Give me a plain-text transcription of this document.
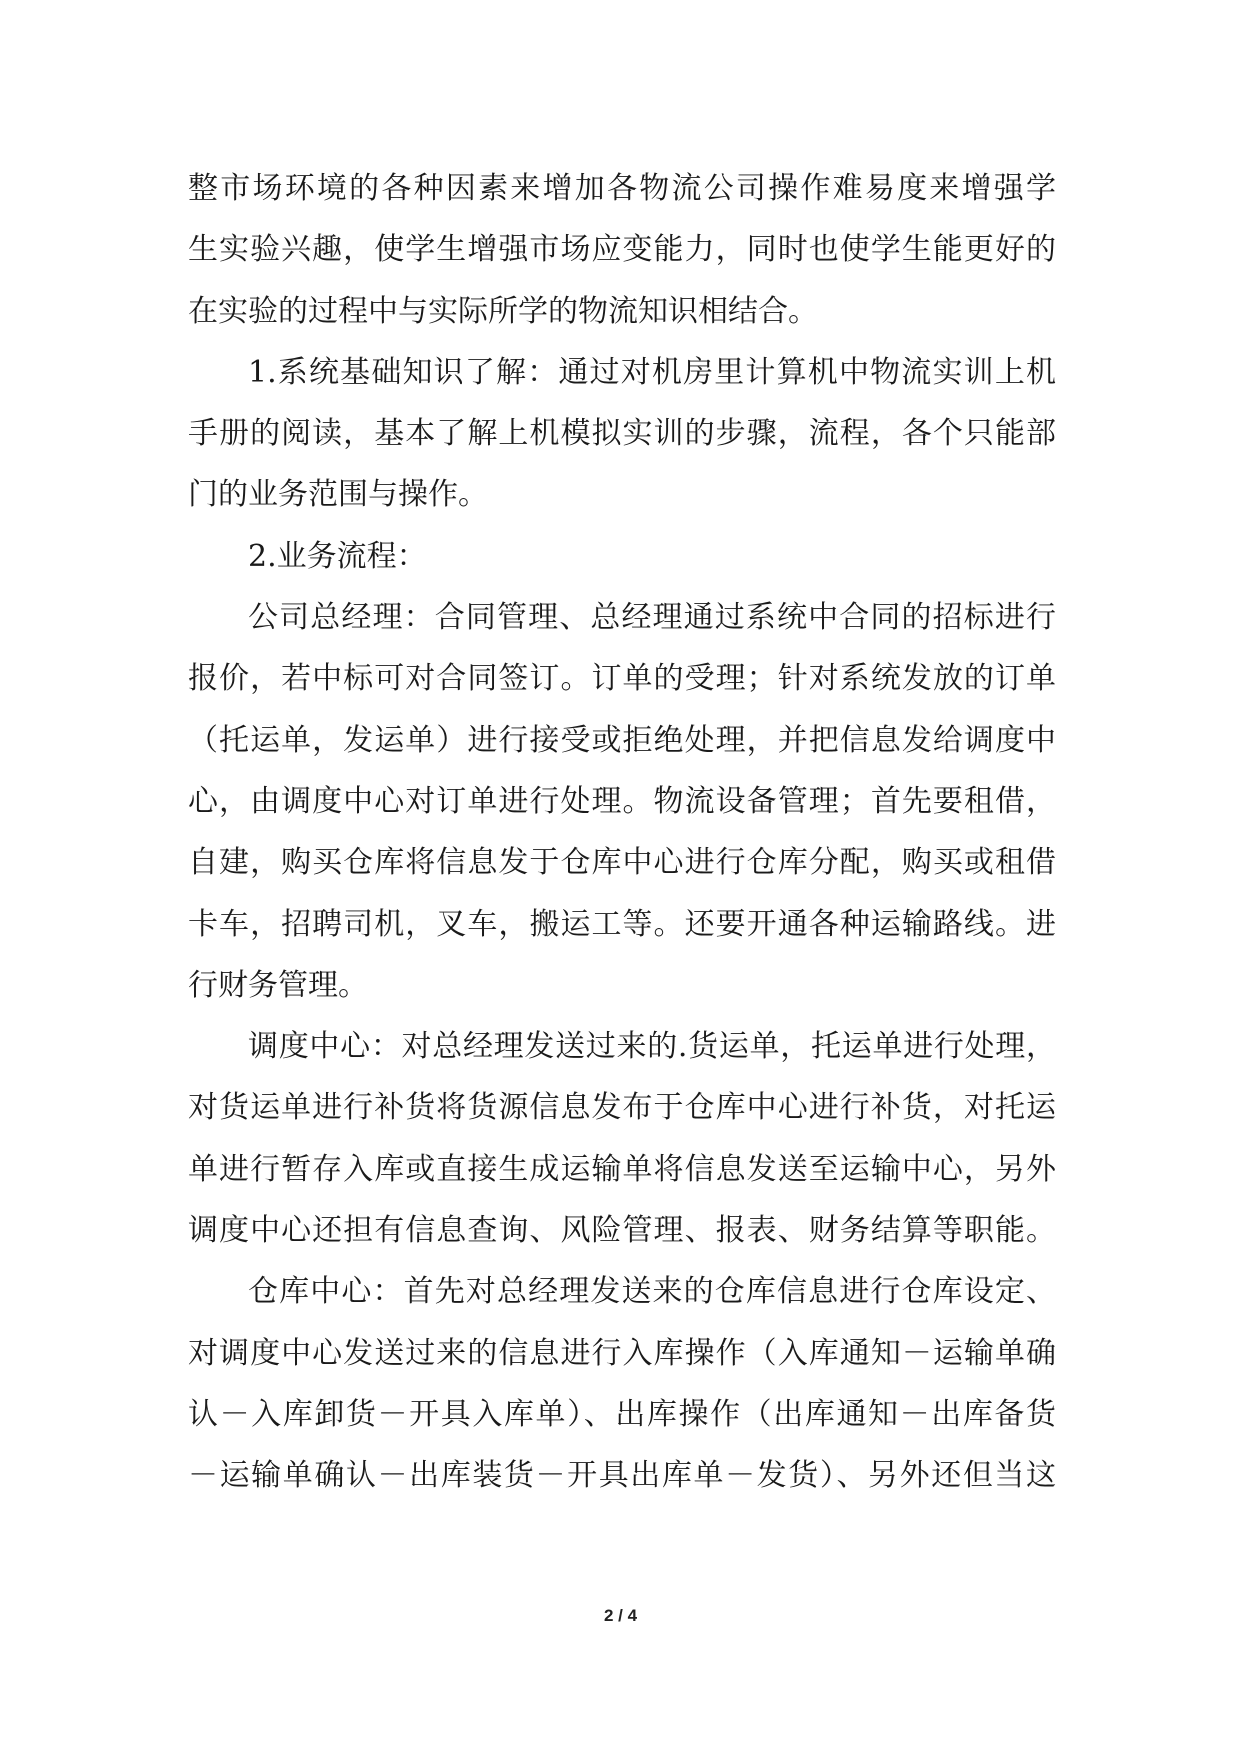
整市场环境的各种因素来增加各物流公司操作难易度来增强学
生实验兴趣，使学生增强市场应变能力，同时也使学生能更好的
在实验的过程中与实际所学的物流知识相结合。
1.系统基础知识了解：通过对机房里计算机中物流实训上机
手册的阅读，基本了解上机模拟实训的步骤，流程，各个只能部
门的业务范围与操作。
2.业务流程：
公司总经理：合同管理、总经理通过系统中合同的招标进行
报价，若中标可对合同签订。订单的受理；针对系统发放的订单
（托运单，发运单）进行接受或拒绝处理，并把信息发给调度中
心，由调度中心对订单进行处理。物流设备管理；首先要租借，
自建，购买仓库将信息发于仓库中心进行仓库分配，购买或租借
卡车，招聘司机，叉车，搬运工等。还要开通各种运输路线。进
行财务管理。
调度中心：对总经理发送过来的.货运单，托运单进行处理，
对货运单进行补货将货源信息发布于仓库中心进行补货，对托运
单进行暂存入库或直接生成运输单将信息发送至运输中心，另外
调度中心还担有信息查询、风险管理、报表、财务结算等职能。
仓库中心：首先对总经理发送来的仓库信息进行仓库设定、
对调度中心发送过来的信息进行入库操作（入库通知－运输单确
认－入库卸货－开具入库单）、出库操作（出库通知－出库备货
－运输单确认－出库装货－开具出库单－发货）、另外还但当这
2 / 4
